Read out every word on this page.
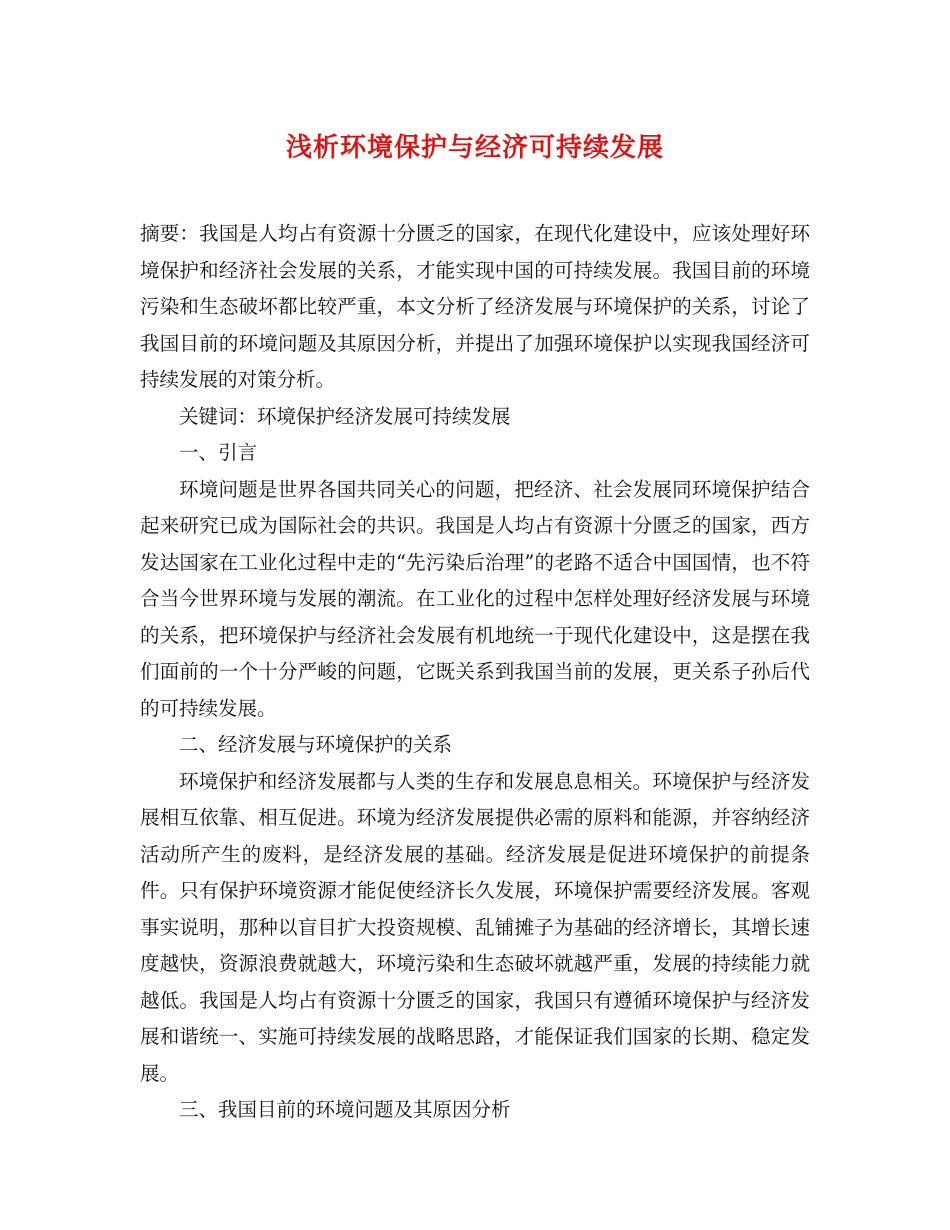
浅析环境保护与经济可持续发展

摘要：我国是人均占有资源十分匮乏的国家，在现代化建设中，应该处理好环境保护和经济社会发展的关系，才能实现中国的可持续发展。我国目前的环境污染和生态破坏都比较严重，本文分析了经济发展与环境保护的关系，讨论了我国目前的环境问题及其原因分析，并提出了加强环境保护以实现我国经济可持续发展的对策分析。

关键词：环境保护经济发展可持续发展

一、引言

环境问题是世界各国共同关心的问题，把经济、社会发展同环境保护结合起来研究已成为国际社会的共识。我国是人均占有资源十分匮乏的国家，西方发达国家在工业化过程中走的“先污染后治理”的老路不适合中国国情，也不符合当今世界环境与发展的潮流。在工业化的过程中怎样处理好经济发展与环境的关系，把环境保护与经济社会发展有机地统一于现代化建设中，这是摆在我们面前的一个十分严峻的问题，它既关系到我国当前的发展，更关系子孙后代的可持续发展。

二、经济发展与环境保护的关系

环境保护和经济发展都与人类的生存和发展息息相关。环境保护与经济发展相互依靠、相互促进。环境为经济发展提供必需的原料和能源，并容纳经济活动所产生的废料，是经济发展的基础。经济发展是促进环境保护的前提条件。只有保护环境资源才能促使经济长久发展，环境保护需要经济发展。客观事实说明，那种以盲目扩大投资规模、乱铺摊子为基础的经济增长，其增长速度越快，资源浪费就越大，环境污染和生态破坏就越严重，发展的持续能力就越低。我国是人均占有资源十分匮乏的国家，我国只有遵循环境保护与经济发展和谐统一、实施可持续发展的战略思路，才能保证我们国家的长期、稳定发展。

三、我国目前的环境问题及其原因分析
